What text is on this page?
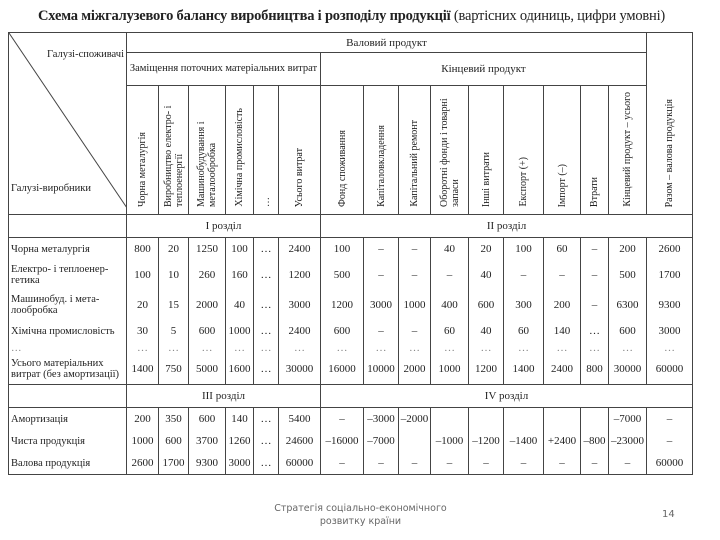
Схема міжгалузевого балансу виробництва і розподілу продукції (вартісних одиниць, цифри умовні)
Галузі-споживачі
Галузі-виробники	Валовий продукт															Разом – валова продукція
	Заміщення поточних матеріальних витрат						Кінцевий продукт									
	Чорна металургія	Виробництво електро- і теплоенергії	Машинобудування і металообробка	Хімічна промисловість	…	Усього витрат	Фонд споживання	Капіталовкладення	Капітальний ремонт	Оборотні фонди і товарні запаси	Інші витрати	Експорт (+)	Імпорт (–)	Втрати	Кінцевий продукт – усього	
	I розділ						II розділ									
Чорна металургія	800	20	1250	100	…	2400	100	–	–	40	20	100	60	–	200	2600
Електро- і теплоенер-гетика	100	10	260	160	…	1200	500	–	–	–	40	–	–	–	500	1700
Машинобуд. і мета-лообробка	20	15	2000	40	…	3000	1200	3000	1000	400	600	300	200	–	6300	9300
Хімічна промисловість	30	5	600	1000	…	2400	600	–	–	60	40	60	140	…	600	3000
…	…	…	…	…	…	…	…	…	…	…	…	…	…	…	…	…
Усього матеріальних витрат (без амортизації)	1400	750	5000	1600	…	30000	16000	10000	2000	1000	1200	1400	2400	800	30000	60000
	III розділ						IV розділ									
Амортизація	200	350	600	140	…	5400	–	–3000	–2000						–7000	–
Чиста продукція	1000	600	3700	1260	…	24600	–16000	–7000		–1000	–1200	–1400	+2400	–800	–23000	–
Валова продукція	2600	1700	9300	3000	…	60000	–	–	–	–	–	–	–	–	–	60000
Стратегія соціально-економічного розвитку країни
14
